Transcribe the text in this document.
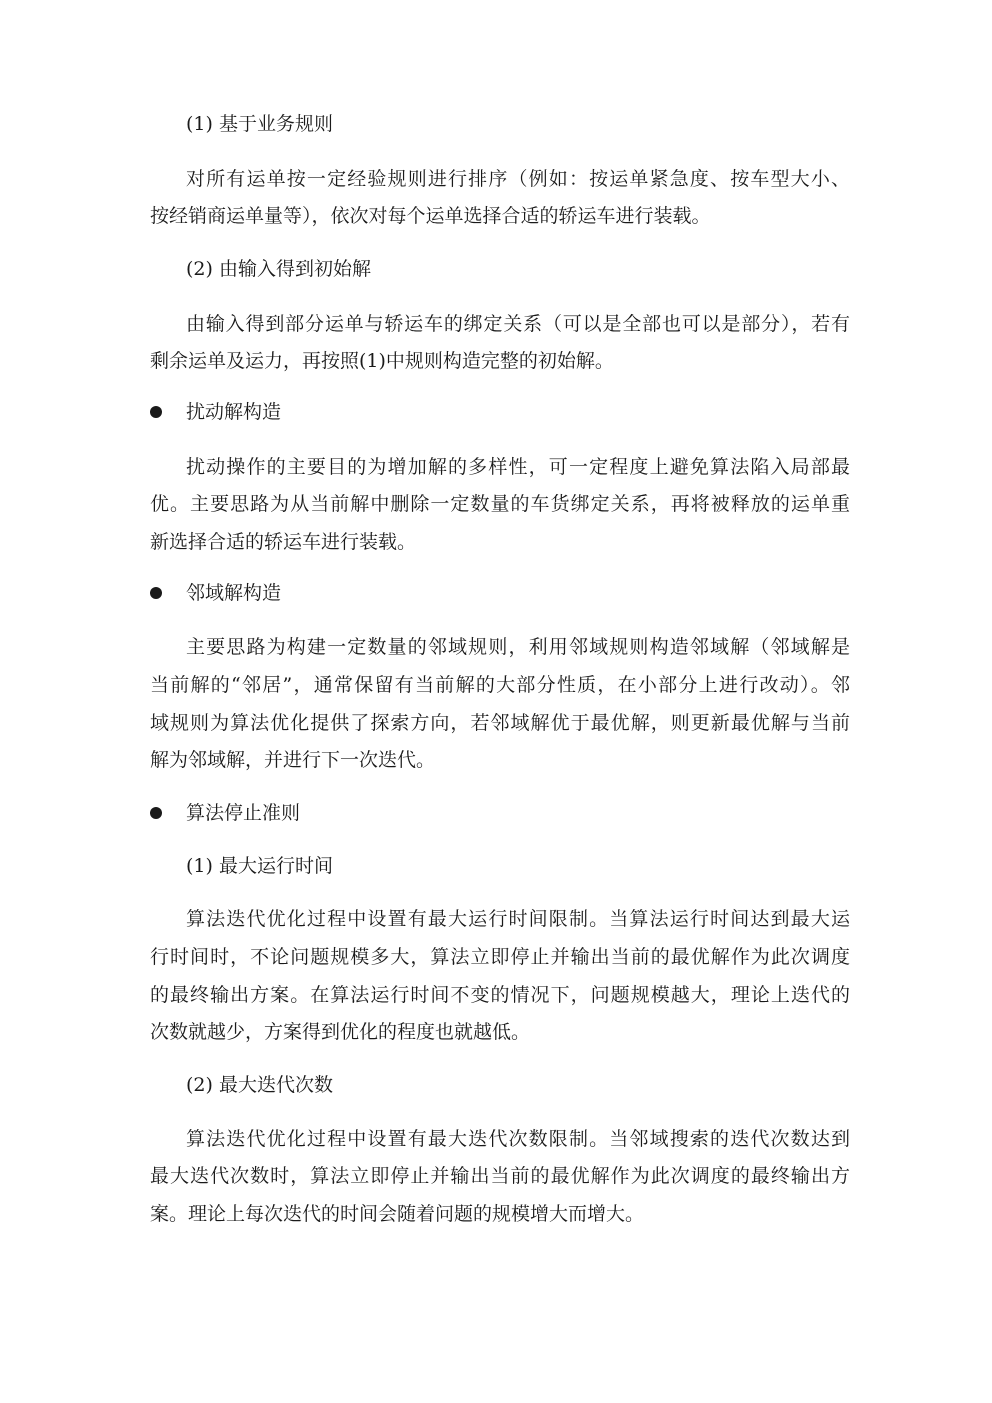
(1) 基于业务规则
对所有运单按一定经验规则进行排序（例如：按运单紧急度、按车型大小、
按经销商运单量等），依次对每个运单选择合适的轿运车进行装载。
(2) 由输入得到初始解
由输入得到部分运单与轿运车的绑定关系（可以是全部也可以是部分），若有
剩余运单及运力，再按照(1)中规则构造完整的初始解。
扰动解构造
扰动操作的主要目的为增加解的多样性，可一定程度上避免算法陷入局部最
优。主要思路为从当前解中删除一定数量的车货绑定关系，再将被释放的运单重
新选择合适的轿运车进行装载。
邻域解构造
主要思路为构建一定数量的邻域规则，利用邻域规则构造邻域解（邻域解是
当前解的“邻居”，通常保留有当前解的大部分性质，在小部分上进行改动）。邻
域规则为算法优化提供了探索方向，若邻域解优于最优解，则更新最优解与当前
解为邻域解，并进行下一次迭代。
算法停止准则
(1) 最大运行时间
算法迭代优化过程中设置有最大运行时间限制。当算法运行时间达到最大运
行时间时，不论问题规模多大，算法立即停止并输出当前的最优解作为此次调度
的最终输出方案。在算法运行时间不变的情况下，问题规模越大，理论上迭代的
次数就越少，方案得到优化的程度也就越低。
(2) 最大迭代次数
算法迭代优化过程中设置有最大迭代次数限制。当邻域搜索的迭代次数达到
最大迭代次数时，算法立即停止并输出当前的最优解作为此次调度的最终输出方
案。理论上每次迭代的时间会随着问题的规模增大而增大。
